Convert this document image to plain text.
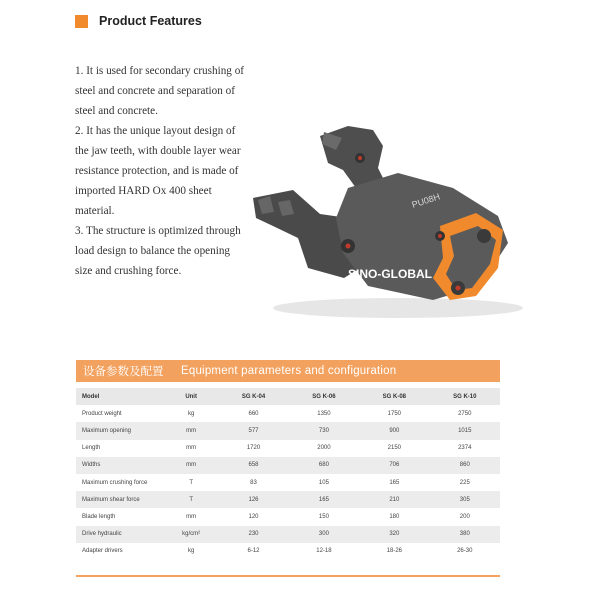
Product Features

1. It is used for secondary crushing of

steel and concrete and separation of

steel and concrete.

2. It has the unique layout design of

the jaw teeth, with double layer wear

resistance protection, and is made of

imported HARD Ox 400 sheet

material.

3. The structure is optimized through

load design to balance the opening

size and crushing force.

PU08H
SINO-GLOBAL
设备参数及配置	Equipment parameters and configuration
Model	Unit	SG K-04	SG K-06	SG K-08	SG K-10
Product weight	kg	660	1350	1750	2750
Maximum opening	mm	577	730	900	1015
Length	mm	1720	2000	2150	2374
Widths	mm	658	680	706	860
Maximum crushing force	T	83	105	165	225
Maximum shear force	T	126	165	210	305
Blade length	mm	120	150	180	200
Drive hydraulic	kg/cm²	230	300	320	380
Adapter drivers	kg	6-12	12-18	18-26	26-30
